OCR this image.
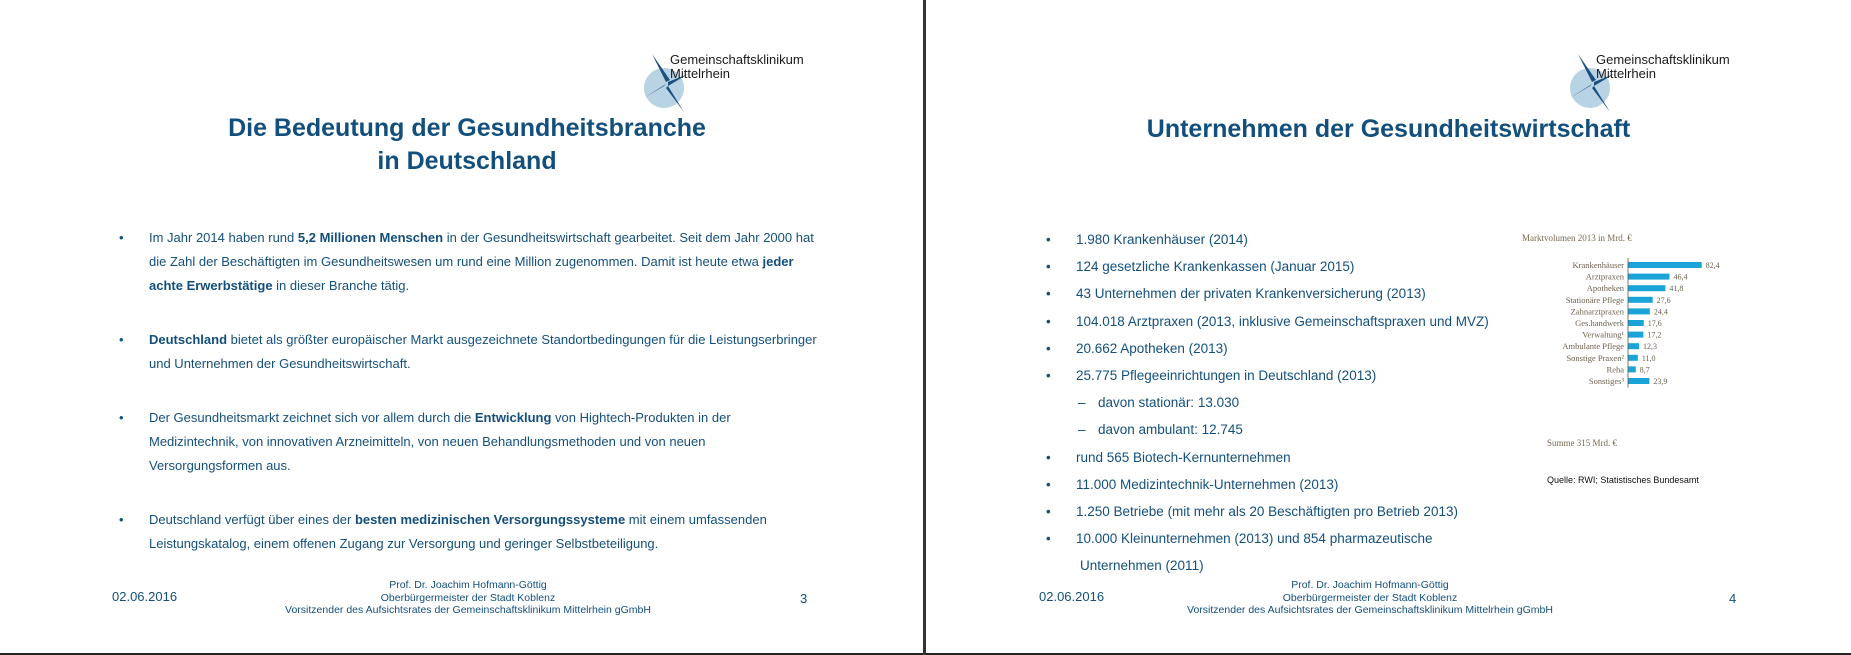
Gemeinschaftsklinikum
Mittelrhein
Die Bedeutung der Gesundheitsbranche
in Deutschland
• Im Jahr 2014 haben rund 5,2 Millionen Menschen in der Gesundheitswirtschaft gearbeitet. Seit dem Jahr 2000 hat die Zahl der Beschäftigten im Gesundheitswesen um rund eine Million zugenommen. Damit ist heute etwa jeder achte Erwerbstätige in dieser Branche tätig.
• Deutschland bietet als größter europäischer Markt ausgezeichnete Standortbedingungen für die Leistungserbringer und Unternehmen der Gesundheitswirtschaft.
• Der Gesundheitsmarkt zeichnet sich vor allem durch die Entwicklung von Hightech-Produkten in der Medizintechnik, von innovativen Arzneimitteln, von neuen Behandlungsmethoden und von neuen Versorgungsformen aus.
• Deutschland verfügt über eines der besten medizinischen Versorgungssysteme mit einem umfassenden Leistungskatalog, einem offenen Zugang zur Versorgung und geringer Selbstbeteiligung.
02.06.2016
Prof. Dr. Joachim Hofmann-Göttig
Oberbürgermeister der Stadt Koblenz
Vorsitzender des Aufsichtsrates der Gemeinschaftsklinikum Mittelrhein gGmbH
3
Gemeinschaftsklinikum
Mittelrhein
Unternehmen der Gesundheitswirtschaft
• 1.980 Krankenhäuser (2014)
• 124 gesetzliche Krankenkassen (Januar 2015)
• 43 Unternehmen der privaten Krankenversicherung (2013)
• 104.018 Arztpraxen (2013, inklusive Gemeinschaftspraxen und MVZ)
• 20.662 Apotheken (2013)
• 25.775 Pflegeeinrichtungen in Deutschland (2013)
– davon stationär: 13.030
– davon ambulant: 12.745
• rund 565 Biotech-Kernunternehmen
• 11.000 Medizintechnik-Unternehmen (2013)
• 1.250 Betriebe (mit mehr als 20 Beschäftigten pro Betrieb 2013)
• 10.000 Kleinunternehmen (2013) und 854 pharmazeutische
Unternehmen (2011)
Marktvolumen 2013 in Mrd. €
Krankenhäuser	82,4
Arztpraxen	46,4
Apotheken	41,8
Stationäre Pflege	27,6
Zahnarztpraxen	24,4
Ges.handwerk	17,6
Verwaltung¹	17,2
Ambulante Pflege 12,3
Sonstige Praxen² 11,0
Reha 8,7
Sonstiges³	23,9
Summe 315 Mrd. €
Quelle: RWI; Statistisches Bundesamt
02.06.2016
Prof. Dr. Joachim Hofmann-Göttig
Oberbürgermeister der Stadt Koblenz
Vorsitzender des Aufsichtsrates der Gemeinschaftsklinikum Mittelrhein gGmbH
4
